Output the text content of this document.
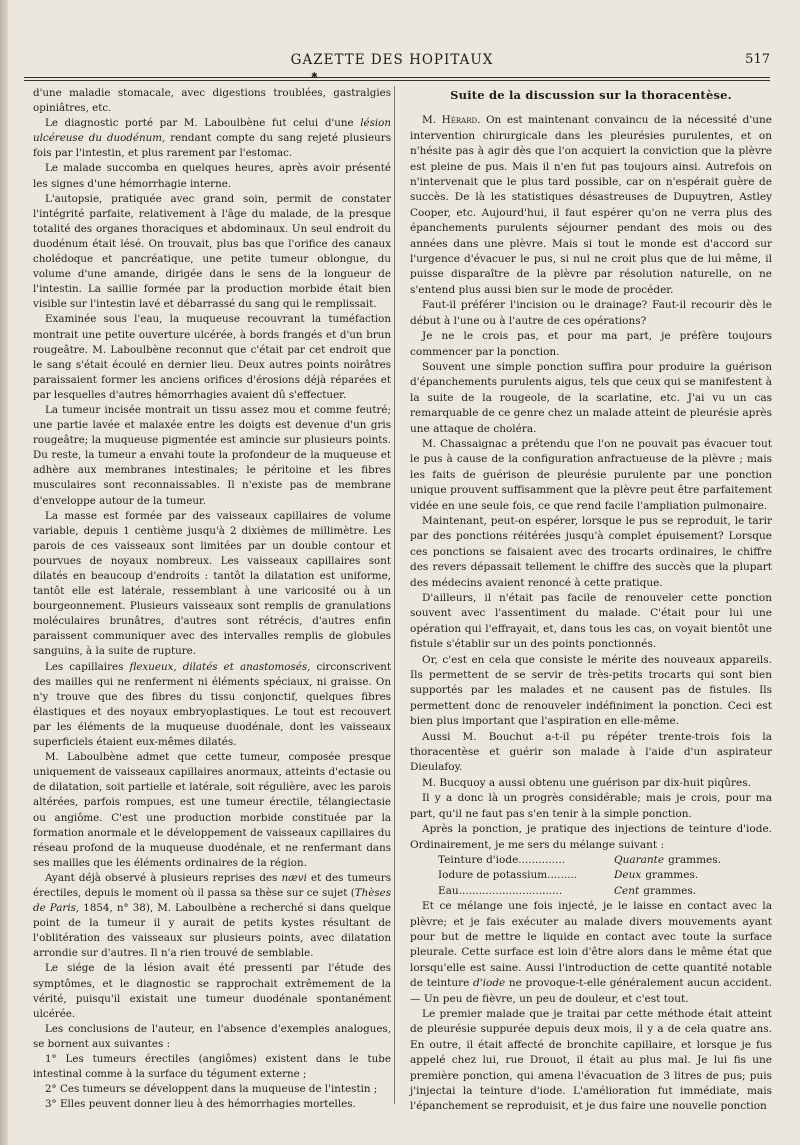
GAZETTE DES HOPITAUX	517
✱

d'une maladie stomacale, avec digestions troublées, gastralgies opiniâtres, etc.

Le diagnostic porté par M. Laboulbène fut celui d'une lésion ulcéreuse du duodénum, rendant compte du sang rejeté plusieurs fois par l'intestin, et plus rarement par l'estomac.

Le malade succomba en quelques heures, après avoir présenté les signes d'une hémorrhagie interne.

L'autopsie, pratiquée avec grand soin, permit de constater l'intégrité parfaite, relativement à l'âge du malade, de la presque totalité des organes thoraciques et abdominaux. Un seul endroit du duodénum était lésé. On trouvait, plus bas que l'orifice des canaux cholédoque et pancréatique, une petite tumeur oblongue, du volume d'une amande, dirigée dans le sens de la longueur de l'intestin. La saillie formée par la production morbide était bien visible sur l'intestin lavé et débarrassé du sang qui le remplissait.

Examinée sous l'eau, la muqueuse recouvrant la tuméfaction montrait une petite ouverture ulcérée, à bords frangés et d'un brun rougeâtre. M. Laboulbène reconnut que c'était par cet endroit que le sang s'était écoulé en dernier lieu. Deux autres points noirâtres paraissaient former les anciens orifices d'érosions déjà réparées et par lesquelles d'autres hémorrhagies avaient dû s'effectuer.

La tumeur incisée montrait un tissu assez mou et comme feutré; une partie lavée et malaxée entre les doigts est devenue d'un gris rougeâtre; la muqueuse pigmentée est amincie sur plusieurs points. Du reste, la tumeur a envahi toute la profondeur de la muqueuse et adhère aux membranes intestinales; le péritoine et les fibres musculaires sont reconnaissables. Il n'existe pas de membrane d'enveloppe autour de la tumeur.

La masse est formée par des vaisseaux capillaires de volume variable, depuis 1 centième jusqu'à 2 dixièmes de millimètre. Les parois de ces vaisseaux sont limitées par un double contour et pourvues de noyaux nombreux. Les vaisseaux capillaires sont dilatés en beaucoup d'endroits : tantôt la dilatation est uniforme, tantôt elle est latérale, ressemblant à une varicosité ou à un bourgeonnement. Plusieurs vaisseaux sont remplis de granulations moléculaires brunâtres, d'autres sont rétrécis, d'autres enfin paraissent communiquer avec des intervalles remplis de globules sanguins, à la suite de rupture.

Les capillaires flexueux, dilatés et anastomosés, circonscrivent des mailles qui ne renferment ni éléments spéciaux, ni graisse. On n'y trouve que des fibres du tissu conjonctif, quelques fibres élastiques et des noyaux embryoplastiques. Le tout est recouvert par les éléments de la muqueuse duodénale, dont les vaisseaux superficiels étaient eux-mêmes dilatés.

M. Laboulbène admet que cette tumeur, composée presque uniquement de vaisseaux capillaires anormaux, atteints d'ectasie ou de dilatation, soit partielle et latérale, soit régulière, avec les parois altérées, parfois rompues, est une tumeur érectile, télangiectasie ou angiôme. C'est une production morbide constituée par la formation anormale et le développement de vaisseaux capillaires du réseau profond de la muqueuse duodénale, et ne renfermant dans ses mailles que les éléments ordinaires de la région.

Ayant déjà observé à plusieurs reprises des nævi et des tumeurs érectiles, depuis le moment où il passa sa thèse sur ce sujet (Thèses de Paris, 1854, n° 38), M. Laboulbène a recherché si dans quelque point de la tumeur il y aurait de petits kystes résultant de l'oblitération des vaisseaux sur plusieurs points, avec dilatation arrondie sur d'autres. Il n'a rien trouvé de semblable.

Le siége de la lésion avait été pressenti par l'étude des symptômes, et le diagnostic se rapprochait extrêmement de la vérité, puisqu'il existait une tumeur duodénale spontanément ulcérée.

Les conclusions de l'auteur, en l'absence d'exemples analogues, se bornent aux suivantes :

1° Les tumeurs érectiles (angiômes) existent dans le tube intestinal comme à la surface du tégument externe ;

2° Ces tumeurs se développent dans la muqueuse de l'intestin ;

3° Elles peuvent donner lieu à des hémorrhagies mortelles.

Suite de la discussion sur la thoracentèse.

M. Hérard. On est maintenant convaincu de la nécessité d'une intervention chirurgicale dans les pleurésies purulentes, et on n'hésite pas à agir dès que l'on acquiert la conviction que la plèvre est pleine de pus. Mais il n'en fut pas toujours ainsi. Autrefois on n'intervenait que le plus tard possible, car on n'espérait guère de succès. De là les statistiques désastreuses de Dupuytren, Astley Cooper, etc. Aujourd'hui, il faut espérer qu'on ne verra plus des épanchements purulents séjourner pendant des mois ou des années dans une plèvre. Mais si tout le monde est d'accord sur l'urgence d'évacuer le pus, si nul ne croit plus que de lui même, il puisse disparaître de la plèvre par résolution naturelle, on ne s'entend plus aussi bien sur le mode de procéder.

Faut-il préférer l'incision ou le drainage? Faut-il recourir dès le début à l'une ou à l'autre de ces opérations?

Je ne le crois pas, et pour ma part, je préfère toujours commencer par la ponction.

Souvent une simple ponction suffira pour produire la guérison d'épanchements purulents aigus, tels que ceux qui se manifestent à la suite de la rougeole, de la scarlatine, etc. J'ai vu un cas remarquable de ce genre chez un malade atteint de pleurésie après une attaque de choléra.

M. Chassaignac a prétendu que l'on ne pouvait pas évacuer tout le pus à cause de la configuration anfractueuse de la plèvre ; mais les faits de guérison de pleurésie purulente par une ponction unique prouvent suffisamment que la plèvre peut être parfaitement vidée en une seule fois, ce que rend facile l'ampliation pulmonaire.

Maintenant, peut-on espérer, lorsque le pus se reproduit, le tarir par des ponctions réitérées jusqu'à complet épuisement? Lorsque ces ponctions se faisaient avec des trocarts ordinaires, le chiffre des revers dépassait tellement le chiffre des succès que la plupart des médecins avaient renoncé à cette pratique.

D'ailleurs, il n'était pas facile de renouveler cette ponction souvent avec l'assentiment du malade. C'était pour lui une opération qui l'effrayait, et, dans tous les cas, on voyait bientôt une fistule s'établir sur un des points ponctionnés.

Or, c'est en cela que consiste le mérite des nouveaux appareils. Ils permettent de se servir de très-petits trocarts qui sont bien supportés par les malades et ne causent pas de fistules. Ils permettent donc de renouveler indéfiniment la ponction. Ceci est bien plus important que l'aspiration en elle-même.

Aussi M. Bouchut a-t-il pu répéter trente-trois fois la thoracentèse et guérir son malade à l'aide d'un aspirateur Dieulafoy.

M. Bucquoy a aussi obtenu une guérison par dix-huit piqûres.

Il y a donc là un progrès considérable; mais je crois, pour ma part, qu'il ne faut pas s'en tenir à la simple ponction.

Après la ponction, je pratique des injections de teinture d'iode. Ordinairement, je me sers du mélange suivant :

Teinture d'iode..............	Quarante grammes.
Iodure de potassium.........	Deux grammes.
Eau...............................	Cent grammes.

Et ce mélange une fois injecté, je le laisse en contact avec la plèvre; et je fais exécuter au malade divers mouvements ayant pour but de mettre le liquide en contact avec toute la surface pleurale. Cette surface est loin d'être alors dans le même état que lorsqu'elle est saine. Aussi l'introduction de cette quantité notable de teinture d'iode ne provoque-t-elle généralement aucun accident. — Un peu de fièvre, un peu de douleur, et c'est tout.

Le premier malade que je traitai par cette méthode était atteint de pleurésie suppurée depuis deux mois, il y a de cela quatre ans. En outre, il était affecté de bronchite capillaire, et lorsque je fus appelé chez lui, rue Drouot, il était au plus mal. Je lui fis une première ponction, qui amena l'évacuation de 3 litres de pus; puis j'injectai la teinture d'iode. L'amélioration fut immédiate, mais l'épanchement se reproduisit, et je dus faire une nouvelle ponction
